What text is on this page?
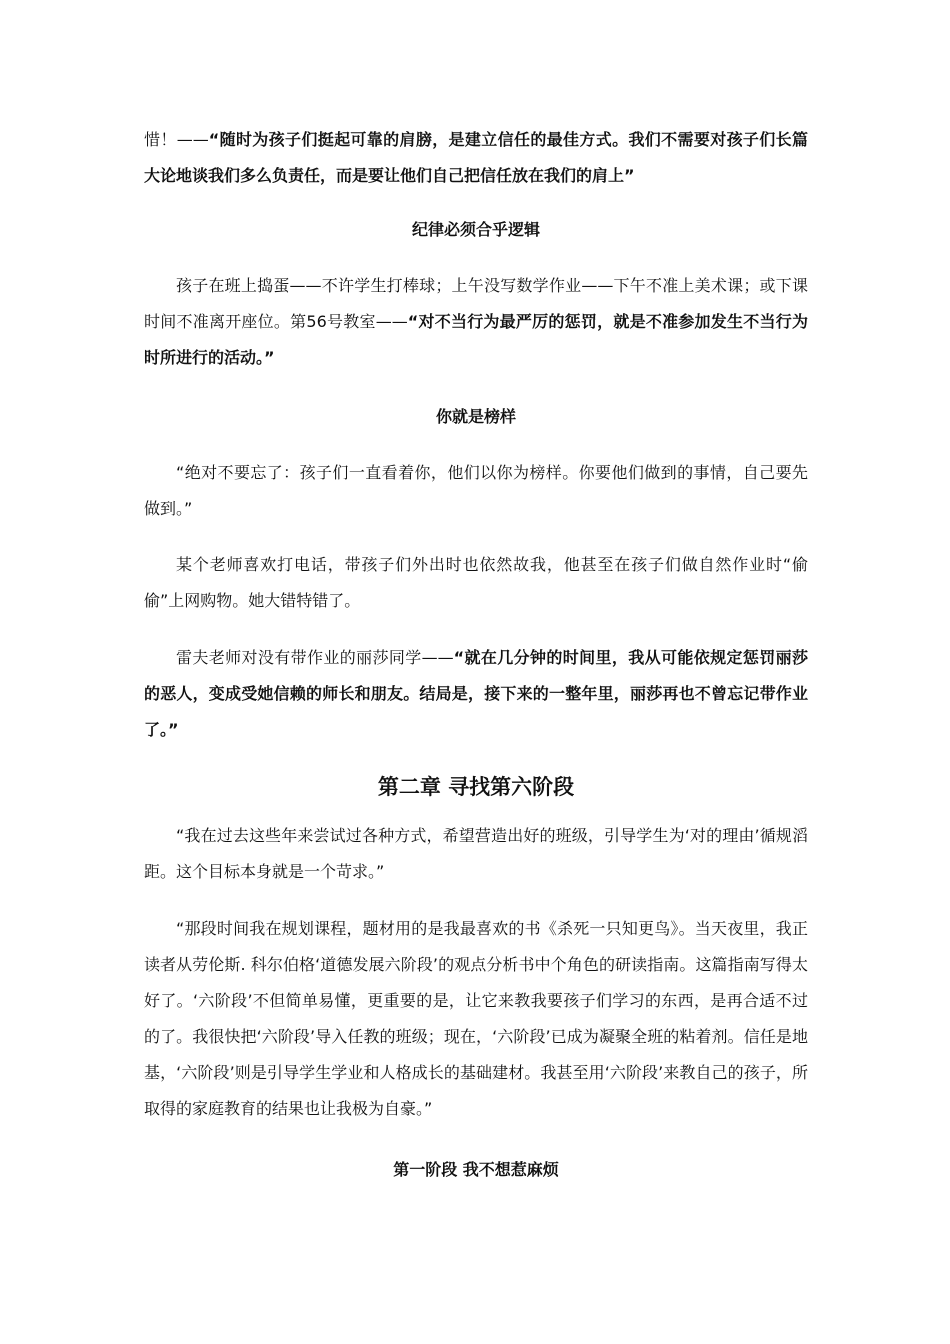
惜！——“随时为孩子们挺起可靠的肩膀，是建立信任的最佳方式。我们不需要对孩子们长篇大论地谈我们多么负责任，而是要让他们自己把信任放在我们的肩上”

纪律必须合乎逻辑

孩子在班上捣蛋——不许学生打棒球；上午没写数学作业——下午不准上美术课；或下课时间不准离开座位。第56号教室——“对不当行为最严厉的惩罚，就是不准参加发生不当行为时所进行的活动。”

你就是榜样

“绝对不要忘了：孩子们一直看着你，他们以你为榜样。你要他们做到的事情，自己要先做到。”

某个老师喜欢打电话，带孩子们外出时也依然故我，他甚至在孩子们做自然作业时“偷偷”上网购物。她大错特错了。

雷夫老师对没有带作业的丽莎同学——“就在几分钟的时间里，我从可能依规定惩罚丽莎的恶人，变成受她信赖的师长和朋友。结局是，接下来的一整年里，丽莎再也不曾忘记带作业了。”

第二章 寻找第六阶段

“我在过去这些年来尝试过各种方式，希望营造出好的班级，引导学生为‘对的理由’循规滔距。这个目标本身就是一个苛求。”

“那段时间我在规划课程，题材用的是我最喜欢的书《杀死一只知更鸟》。当天夜里，我正读者从劳伦斯. 科尔伯格‘道德发展六阶段’的观点分析书中个角色的研读指南。这篇指南写得太好了。‘六阶段’不但简单易懂，更重要的是，让它来教我要孩子们学习的东西，是再合适不过的了。我很快把‘六阶段’导入任教的班级；现在，‘六阶段’已成为凝聚全班的粘着剂。信任是地基，‘六阶段’则是引导学生学业和人格成长的基础建材。我甚至用‘六阶段’来教自己的孩子，所取得的家庭教育的结果也让我极为自豪。”

第一阶段 我不想惹麻烦
